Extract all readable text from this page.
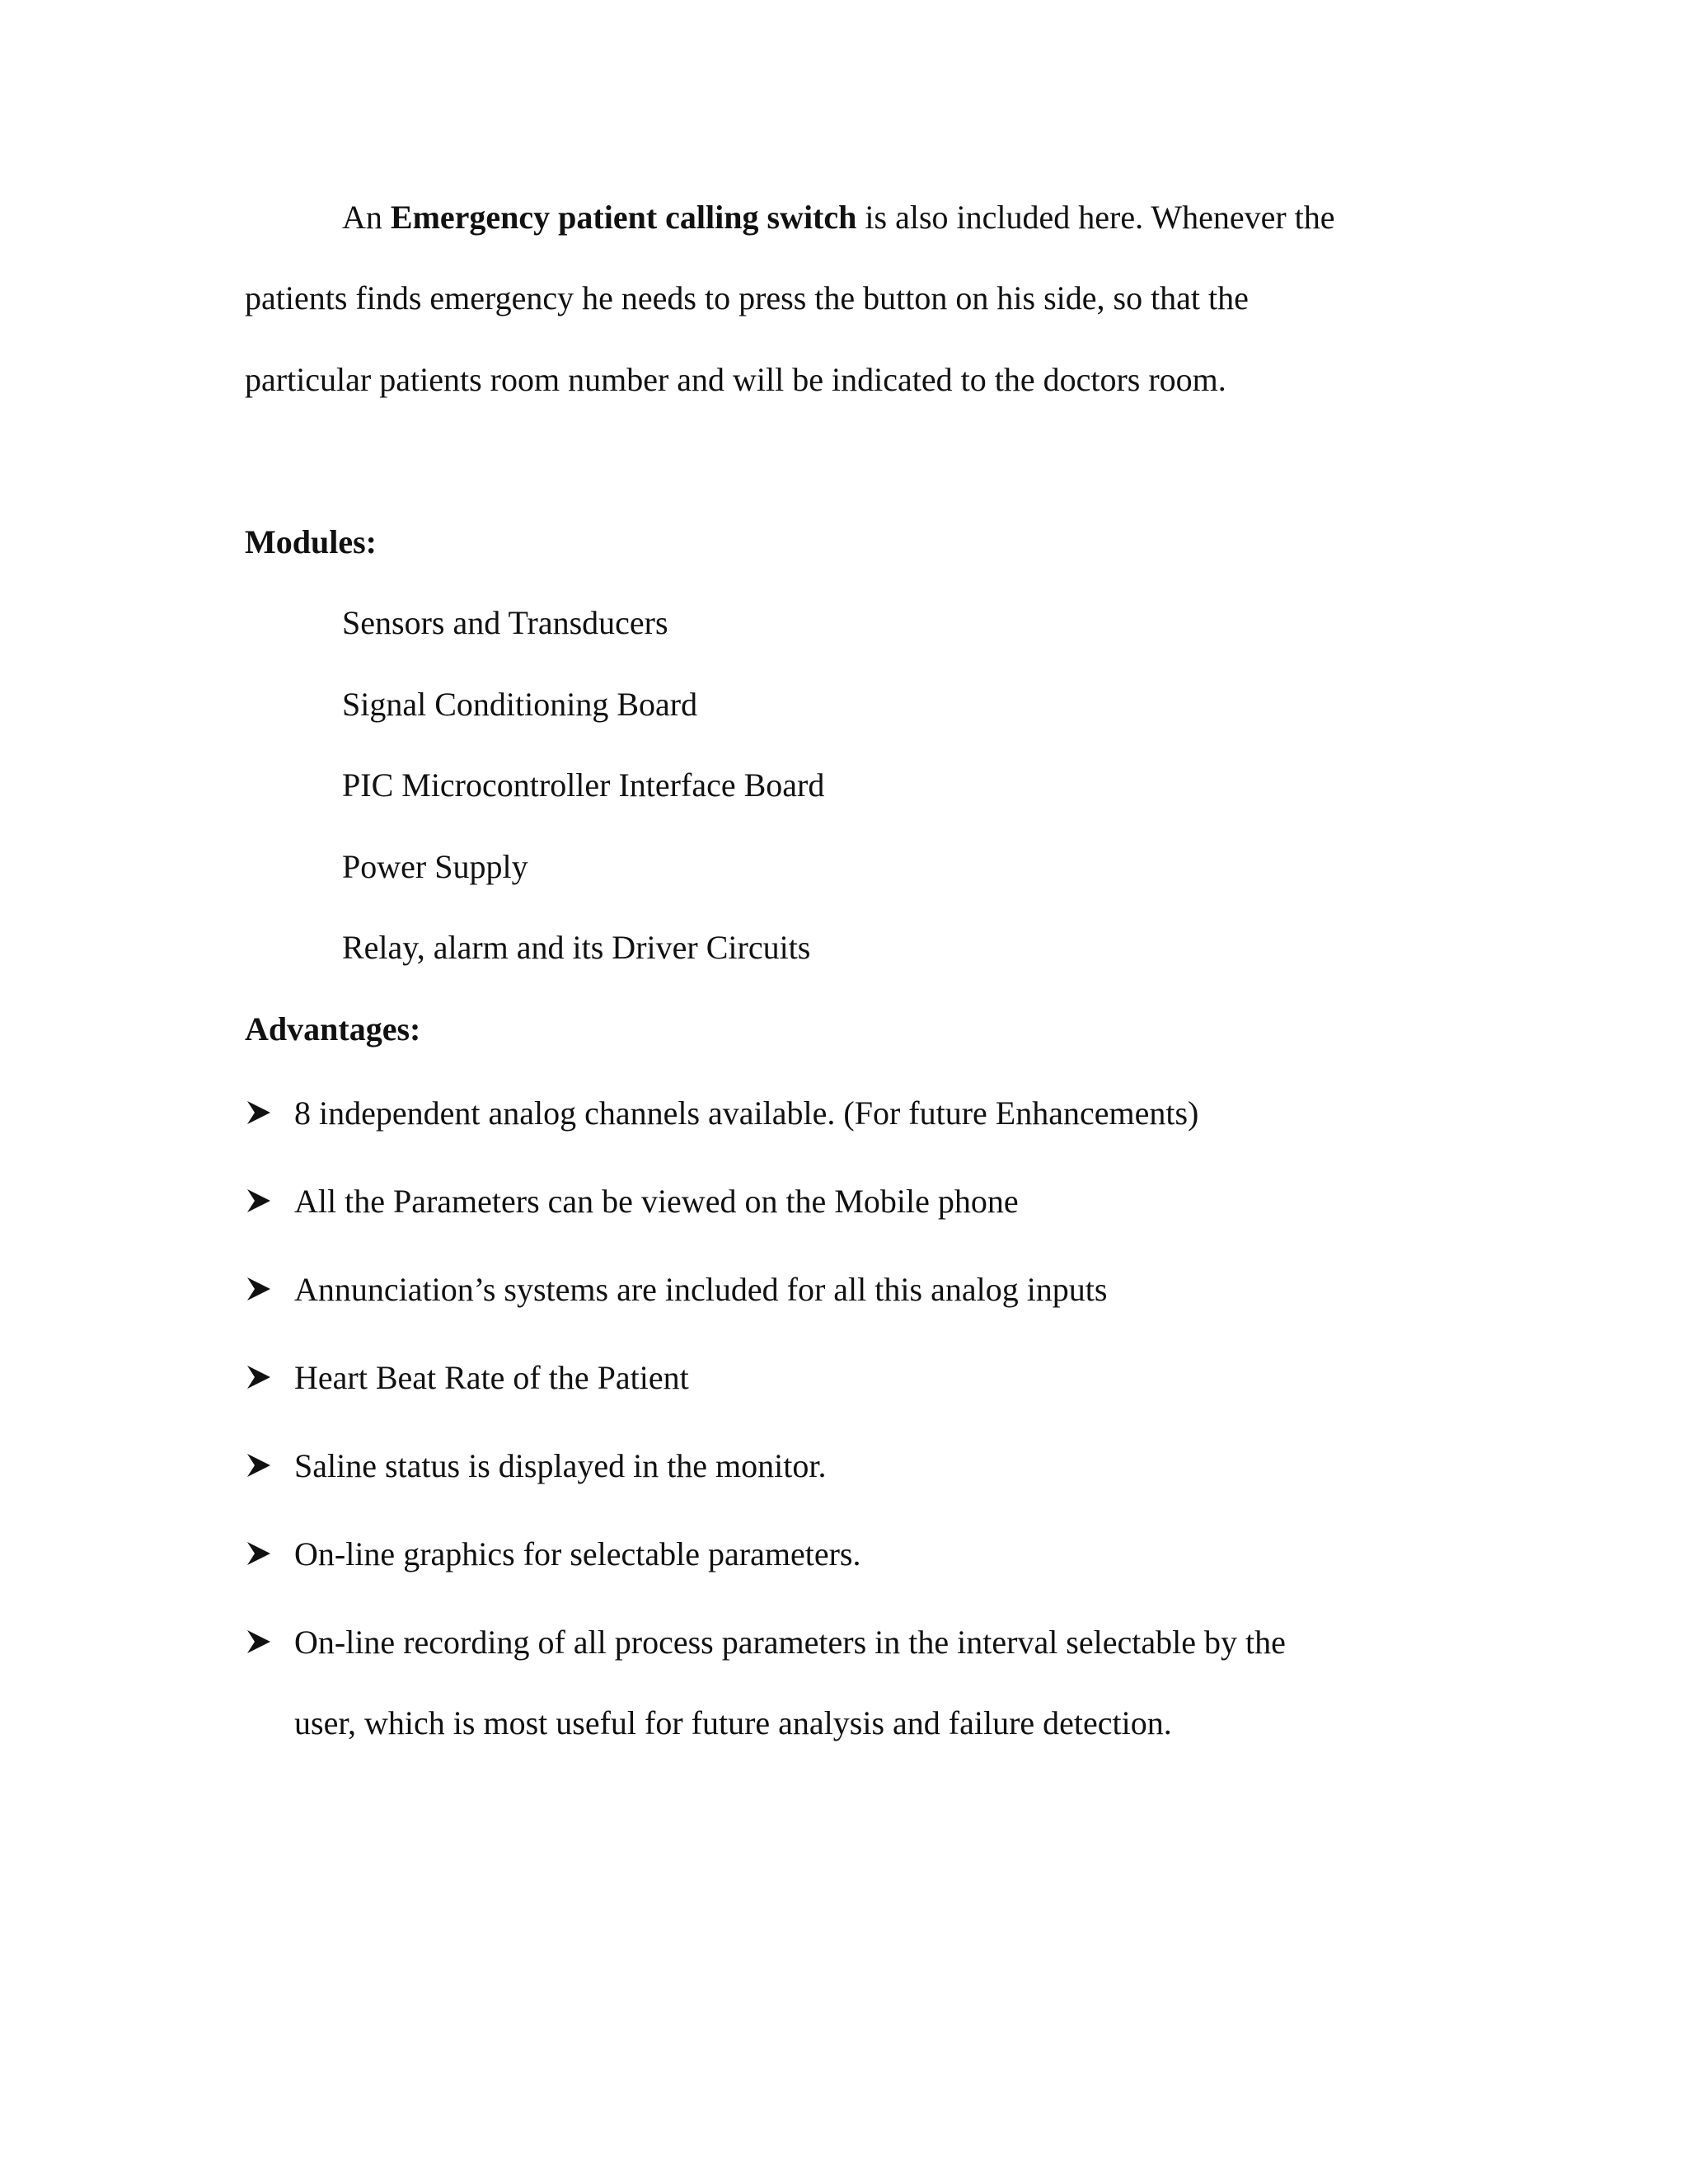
An Emergency patient calling switch is also included here. Whenever the
patients finds emergency he needs to press the button on his side, so that the
particular patients room number and will be indicated to the doctors room.
Modules:
Sensors and Transducers
Signal Conditioning Board
PIC Microcontroller Interface Board
Power Supply
Relay, alarm and its Driver Circuits
Advantages:
8 independent analog channels available. (For future Enhancements)
All the Parameters can be viewed on the Mobile phone
Annunciation’s systems are included for all this analog inputs
Heart Beat Rate of the Patient
Saline status is displayed in the monitor.
On-line graphics for selectable parameters.
On-line recording of all process parameters in the interval selectable by the
user, which is most useful for future analysis and failure detection.
